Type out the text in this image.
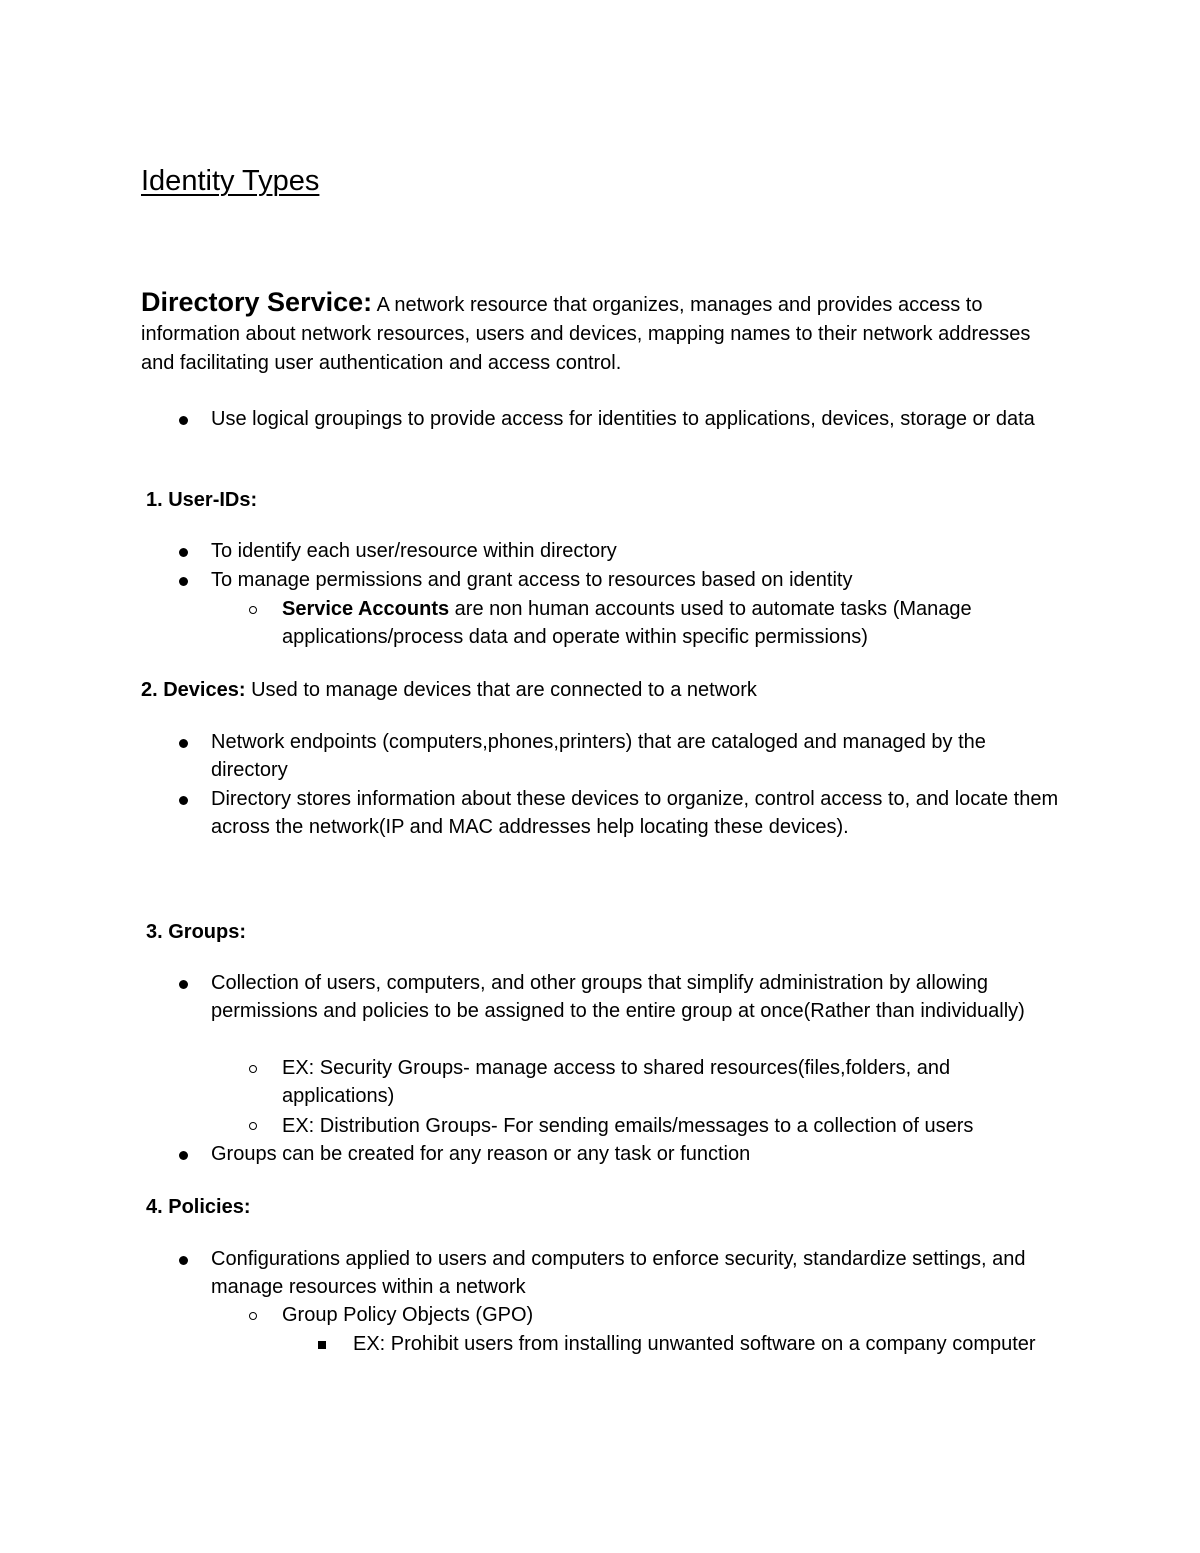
Identity Types

Directory Service: A network resource that organizes, manages and provides access to information about network resources, users and devices, mapping names to their network addresses and facilitating user authentication and access control.

Use logical groupings to provide access for identities to applications, devices, storage or data

1. User-IDs:

To identify each user/resource within directory

To manage permissions and grant access to resources based on identity

Service Accounts are non human accounts used to automate tasks (Manage applications/process data and operate within specific permissions)

2. Devices: Used to manage devices that are connected to a network

Network endpoints (computers,phones,printers) that are cataloged and managed by the directory

Directory stores information about these devices to organize, control access to, and locate them across the network(IP and MAC addresses help locating these devices).

3. Groups:

Collection of users, computers, and other groups that simplify administration by allowing permissions and policies to be assigned to the entire group at once(Rather than individually)

EX: Security Groups- manage access to shared resources(files,folders, and applications)

EX: Distribution Groups- For sending emails/messages to a collection of users

Groups can be created for any reason or any task or function

4. Policies:

Configurations applied to users and computers to enforce security, standardize settings, and manage resources within a network

Group Policy Objects (GPO)

EX: Prohibit users from installing unwanted software on a company computer
